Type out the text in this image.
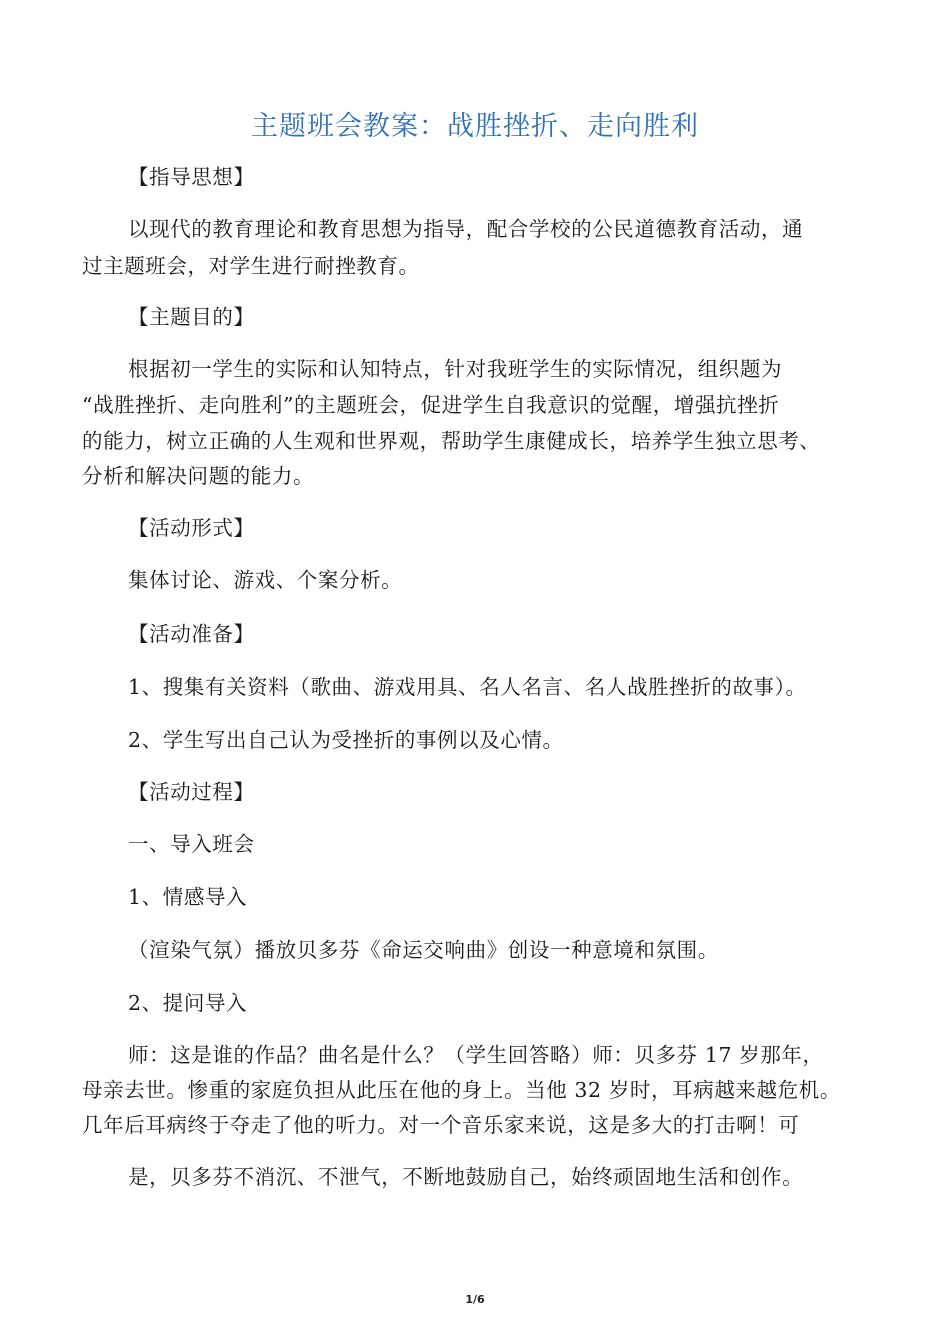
主题班会教案：战胜挫折、走向胜利
【指导思想】
以现代的教育理论和教育思想为指导，配合学校的公民道德教育活动，通
过主题班会，对学生进行耐挫教育。
【主题目的】
根据初一学生的实际和认知特点，针对我班学生的实际情况，组织题为
“战胜挫折、走向胜利”的主题班会，促进学生自我意识的觉醒，增强抗挫折
的能力，树立正确的人生观和世界观，帮助学生康健成长，培养学生独立思考、
分析和解决问题的能力。
【活动形式】
集体讨论、游戏、个案分析。
【活动准备】
1、搜集有关资料（歌曲、游戏用具、名人名言、名人战胜挫折的故事）。
2、学生写出自己认为受挫折的事例以及心情。
【活动过程】
一、导入班会
1、情感导入
（渲染气氛）播放贝多芬《命运交响曲》创设一种意境和氛围。
2、提问导入
师：这是谁的作品？曲名是什么？（学生回答略）师：贝多芬 17 岁那年，
母亲去世。惨重的家庭负担从此压在他的身上。当他 32 岁时，耳病越来越危机。
几年后耳病终于夺走了他的听力。对一个音乐家来说，这是多大的打击啊！可
是，贝多芬不消沉、不泄气，不断地鼓励自己，始终顽固地生活和创作。
1/6
